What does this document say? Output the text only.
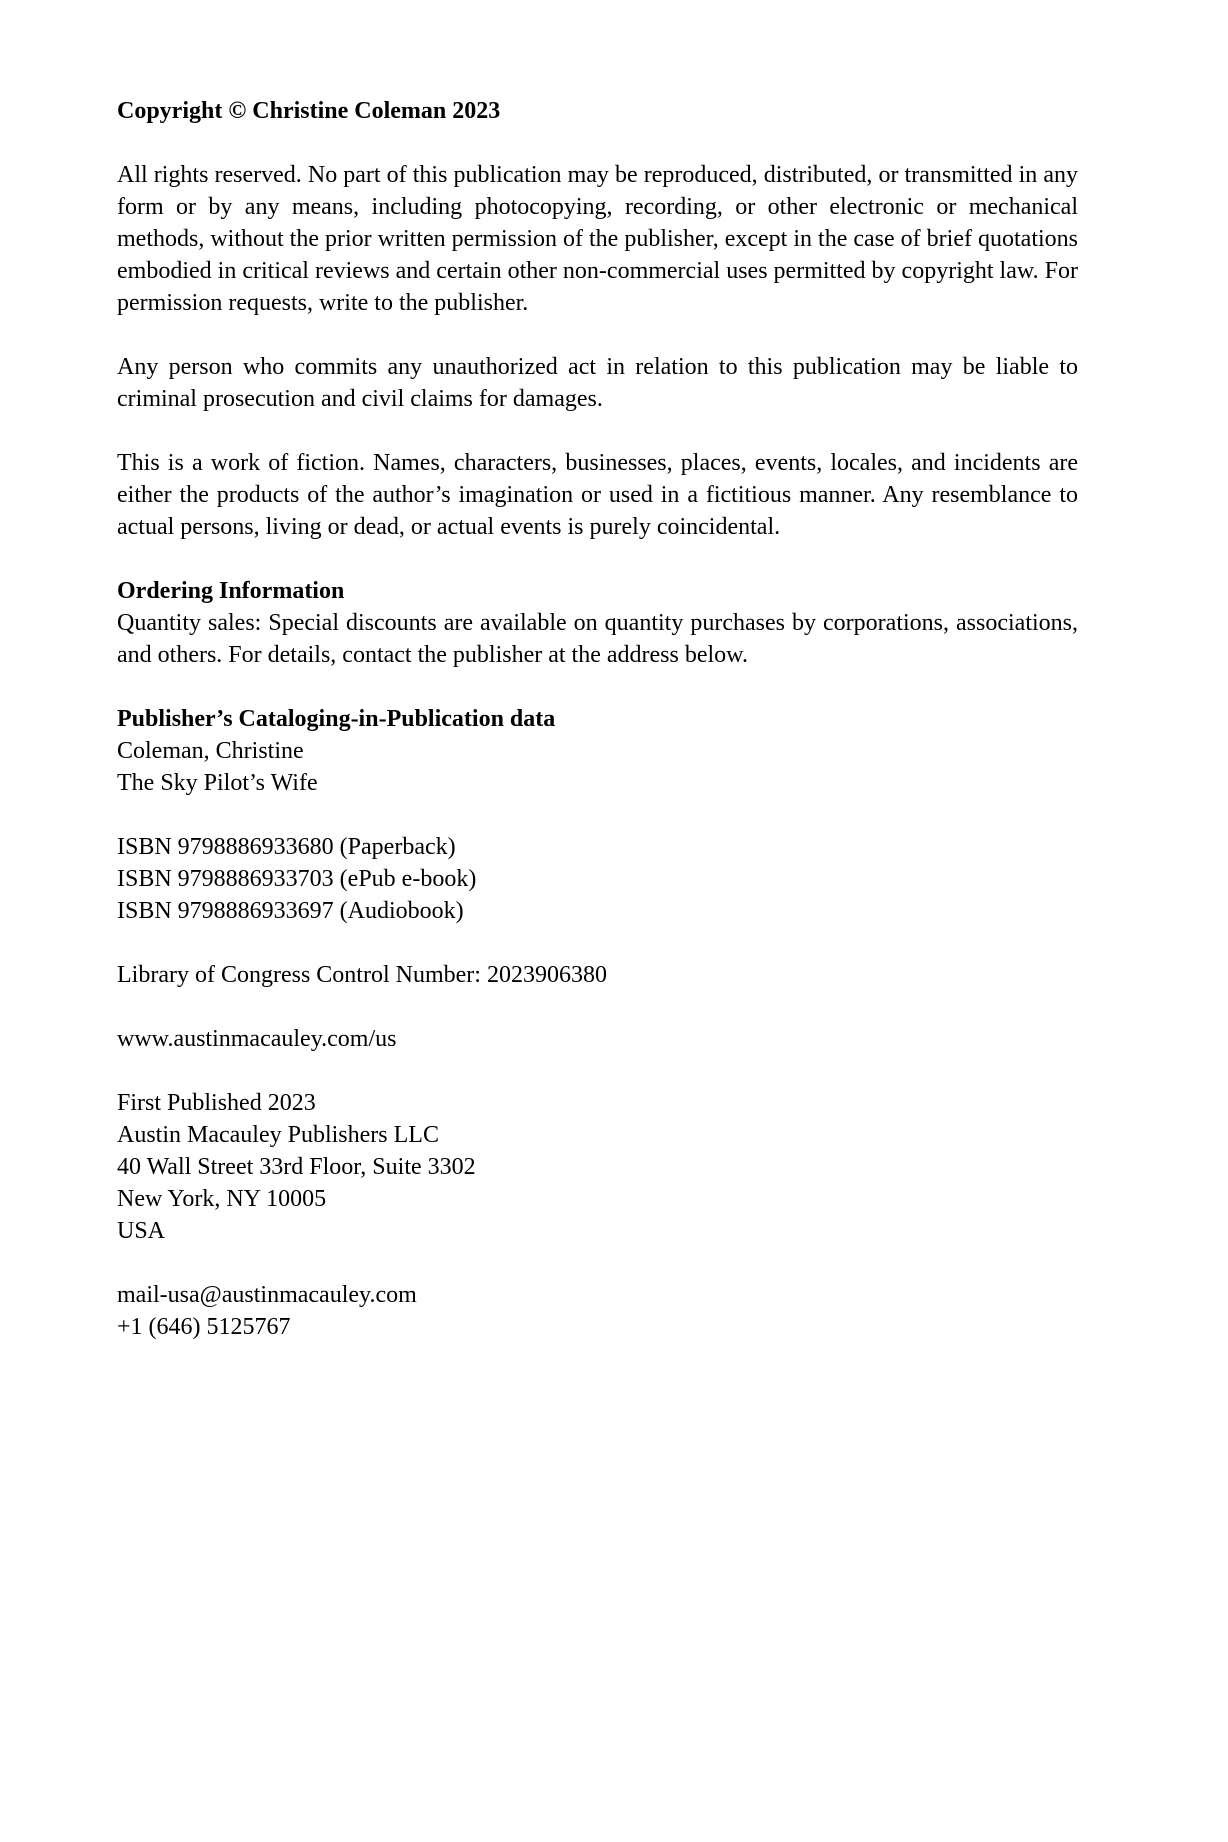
Copyright © Christine Coleman 2023

All rights reserved. No part of this publication may be reproduced, distributed, or transmitted in any form or by any means, including photocopying, recording, or other electronic or mechanical methods, without the prior written permission of the publisher, except in the case of brief quotations embodied in critical reviews and certain other non-commercial uses permitted by copyright law. For permission requests, write to the publisher.

Any person who commits any unauthorized act in relation to this publication may be liable to criminal prosecution and civil claims for damages.

This is a work of fiction. Names, characters, businesses, places, events, locales, and incidents are either the products of the author’s imagination or used in a fictitious manner. Any resemblance to actual persons, living or dead, or actual events is purely coincidental.

Ordering Information

Quantity sales: Special discounts are available on quantity purchases by corporations, associations, and others. For details, contact the publisher at the address below.

Publisher’s Cataloging-in-Publication data

Coleman, Christine

The Sky Pilot’s Wife

ISBN 9798886933680 (Paperback)

ISBN 9798886933703 (ePub e-book)

ISBN 9798886933697 (Audiobook)

Library of Congress Control Number: 2023906380

www.austinmacauley.com/us

First Published 2023

Austin Macauley Publishers LLC

40 Wall Street 33rd Floor, Suite 3302

New York, NY 10005

USA

mail-usa@austinmacauley.com

+1 (646) 5125767
